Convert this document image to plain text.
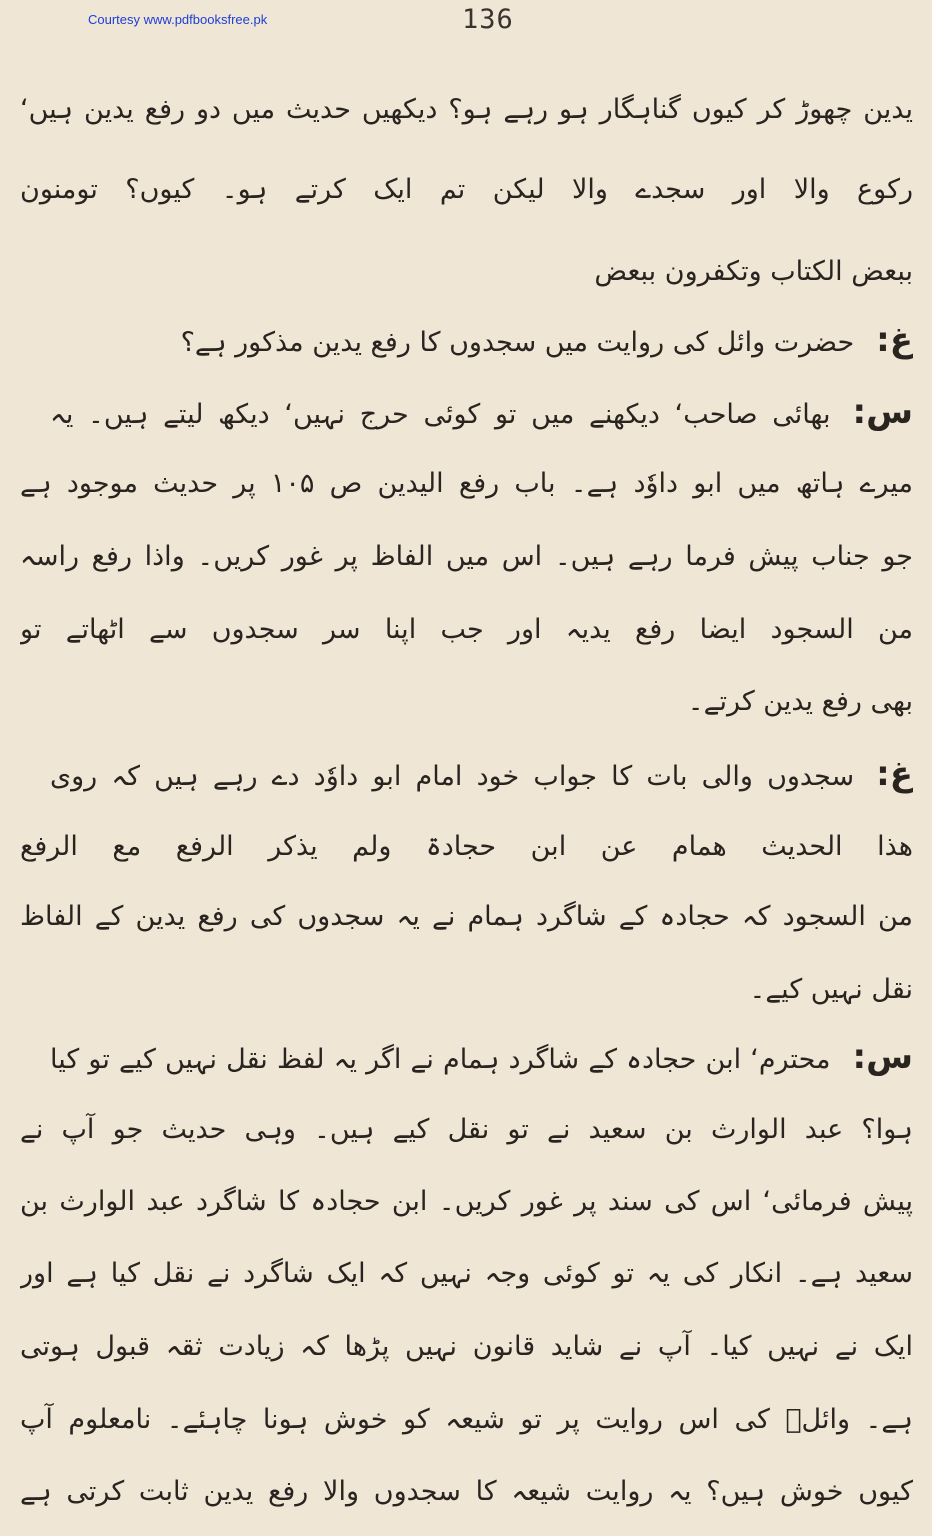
Courtesy www.pdfbooksfree.pk	136
یدین چھوڑ کر کیوں گناہگار ہو رہے ہو؟ دیکھیں حدیث میں دو رفع یدین ہیں‘
رکوع والا اور سجدے والا لیکن تم ایک کرتے ہو۔ کیوں؟ تومنون
ببعض الکتاب وتکفرون ببعض
غ:حضرت وائل کی روایت میں سجدوں کا رفع یدین مذکور ہے؟
س:بھائی صاحب‘ دیکھنے میں تو کوئی حرج نہیں‘ دیکھ لیتے ہیں۔ یہ
میرے ہاتھ میں ابو داوٗد ہے۔ باب رفع الیدین ص ۱۰۵ پر حدیث موجود ہے
جو جناب پیش فرما رہے ہیں۔ اس میں الفاظ پر غور کریں۔ واذا رفع راسہ
من السجود ایضا رفع یدیہ اور جب اپنا سر سجدوں سے اٹھاتے تو
بھی رفع یدین کرتے۔
غ:سجدوں والی بات کا جواب خود امام ابو داوٗد دے رہے ہیں کہ روی
ھذا الحدیث ھمام عن ابن حجادۃ ولم یذکر الرفع مع الرفع
من السجود کہ حجادہ کے شاگرد ہمام نے یہ سجدوں کی رفع یدین کے الفاظ
نقل نہیں کیے۔
س:محترم‘ ابن حجادہ کے شاگرد ہمام نے اگر یہ لفظ نقل نہیں کیے تو کیا
ہوا؟ عبد الوارث بن سعید نے تو نقل کیے ہیں۔ وہی حدیث جو آپ نے
پیش فرمائی‘ اس کی سند پر غور کریں۔ ابن حجادہ کا شاگرد عبد الوارث بن
سعید ہے۔ انکار کی یہ تو کوئی وجہ نہیں کہ ایک شاگرد نے نقل کیا ہے اور
ایک نے نہیں کیا۔ آپ نے شاید قانون نہیں پڑھا کہ زیادت ثقہ قبول ہوتی
ہے۔ وائلؓ کی اس روایت پر تو شیعہ کو خوش ہونا چاہئے۔ نامعلوم آپ
کیوں خوش ہیں؟ یہ روایت شیعہ کا سجدوں والا رفع یدین ثابت کرتی ہے
